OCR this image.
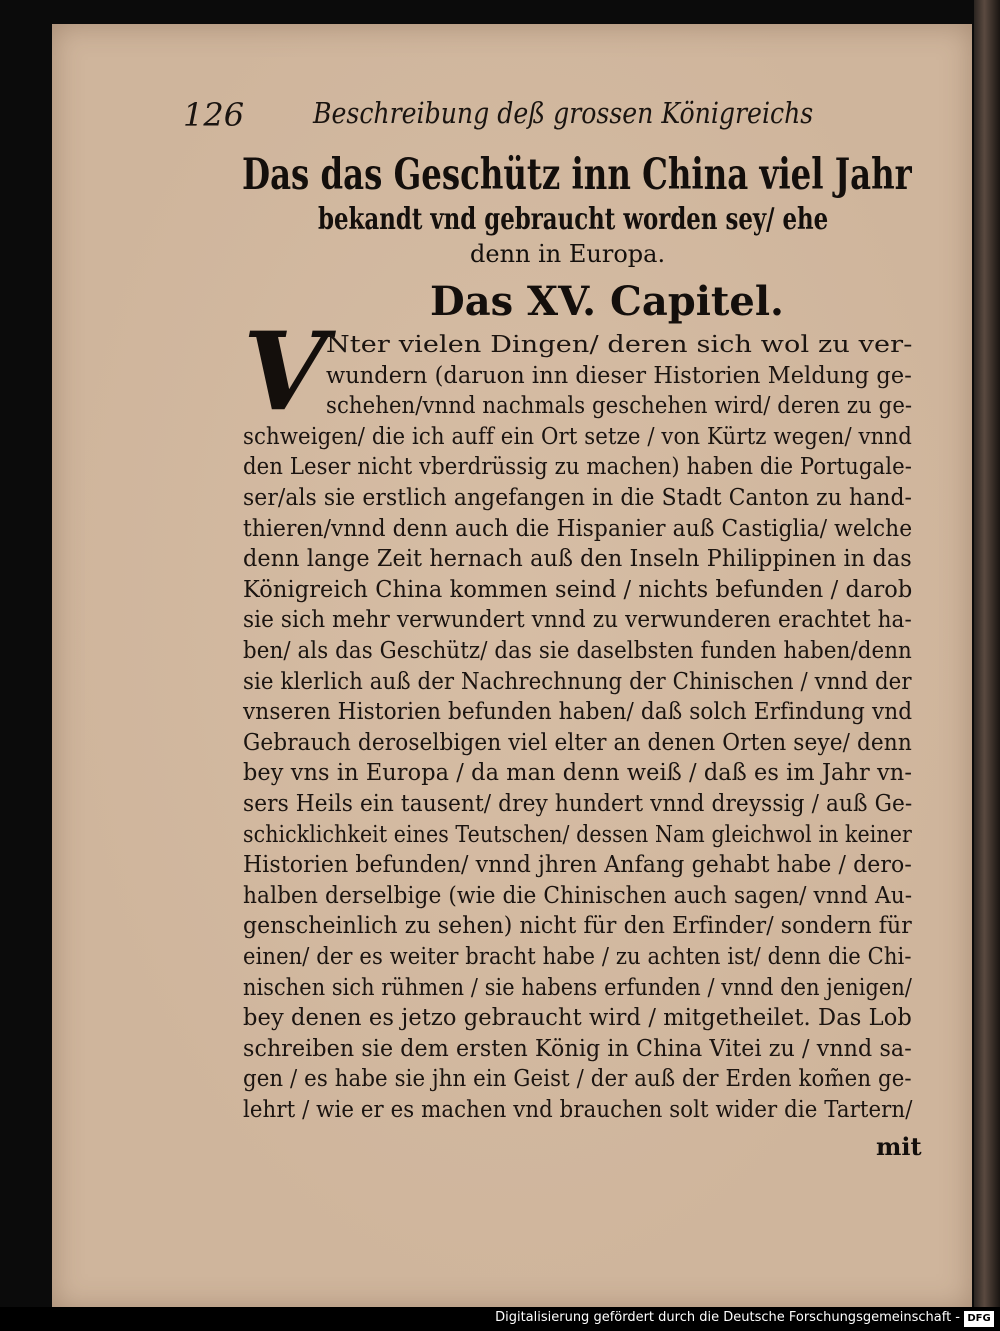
126 Beschreibung deß grossen Königreichs
Das das Geschütz inn China viel Jahr
bekandt vnd gebraucht worden sey/ ehe
denn in Europa.
Das XV. Capitel.
V Nter vielen Dingen/ deren sich wol zu ver-
wundern (daruon inn dieser Historien Meldung ge-
schehen/vnnd nachmals geschehen wird/ deren zu ge-
schweigen/ die ich auff ein Ort setze / von Kürtz wegen/ vnnd
den Leser nicht vberdrüssig zu machen) haben die Portugale-
ser/als sie erstlich angefangen in die Stadt Canton zu hand-
thieren/vnnd denn auch die Hispanier auß Castiglia/ welche
denn lange Zeit hernach auß den Inseln Philippinen in das
Königreich China kommen seind / nichts befunden / darob
sie sich mehr verwundert vnnd zu verwunderen erachtet ha-
ben/ als das Geschütz/ das sie daselbsten funden haben/denn
sie klerlich auß der Nachrechnung der Chinischen / vnnd der
vnseren Historien befunden haben/ daß solch Erfindung vnd
Gebrauch deroselbigen viel elter an denen Orten seye/ denn
bey vns in Europa / da man denn weiß / daß es im Jahr vn-
sers Heils ein tausent/ drey hundert vnnd dreyssig / auß Ge-
schicklichkeit eines Teutschen/ dessen Nam gleichwol in keiner
Historien befunden/ vnnd jhren Anfang gehabt habe / dero-
halben derselbige (wie die Chinischen auch sagen/ vnnd Au-
genscheinlich zu sehen) nicht für den Erfinder/ sondern für
einen/ der es weiter bracht habe / zu achten ist/ denn die Chi-
nischen sich rühmen / sie habens erfunden / vnnd den jenigen/
bey denen es jetzo gebraucht wird / mitgetheilet. Das Lob
schreiben sie dem ersten König in China Vitei zu / vnnd sa-
gen / es habe sie jhn ein Geist / der auß der Erden kom̃en ge-
lehrt / wie er es machen vnd brauchen solt wider die Tartern/
mit
Digitalisierung gefördert durch die Deutsche Forschungsgemeinschaft - DFG
